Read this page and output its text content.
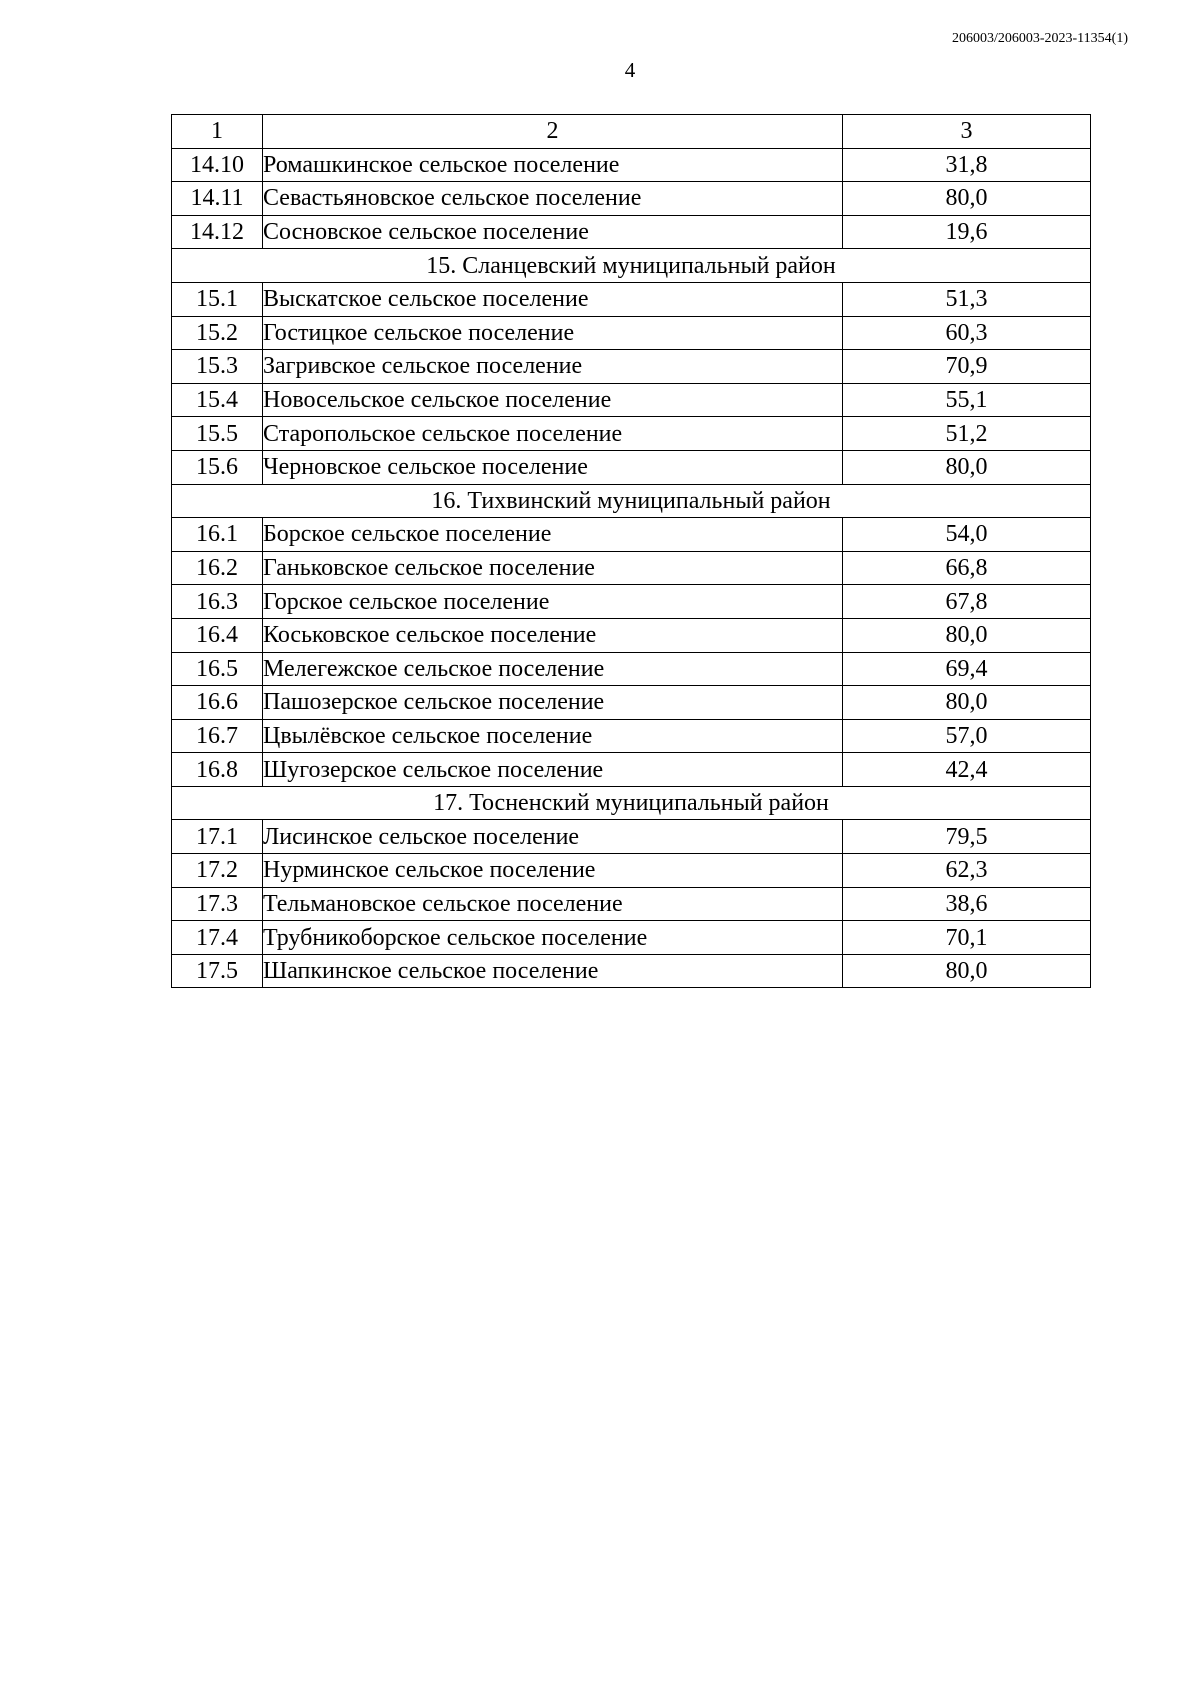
206003/206003-2023-11354(1)
4
1	2	3
14.10	Ромашкинское сельское поселение	31,8
14.11	Севастьяновское сельское поселение	80,0
14.12	Сосновское сельское поселение	19,6
15. Сланцевский муниципальный район		
15.1	Выскатское сельское поселение	51,3
15.2	Гостицкое сельское поселение	60,3
15.3	Загривское сельское поселение	70,9
15.4	Новосельское сельское поселение	55,1
15.5	Старопольское сельское поселение	51,2
15.6	Черновское сельское поселение	80,0
16. Тихвинский муниципальный район		
16.1	Борское сельское поселение	54,0
16.2	Ганьковское сельское поселение	66,8
16.3	Горское сельское поселение	67,8
16.4	Коськовское сельское поселение	80,0
16.5	Мелегежское сельское поселение	69,4
16.6	Пашозерское сельское поселение	80,0
16.7	Цвылёвское сельское поселение	57,0
16.8	Шугозерское сельское поселение	42,4
17. Тосненский муниципальный район		
17.1	Лисинское сельское поселение	79,5
17.2	Нурминское сельское поселение	62,3
17.3	Тельмановское сельское поселение	38,6
17.4	Трубникоборское сельское поселение	70,1
17.5	Шапкинское сельское поселение	80,0
